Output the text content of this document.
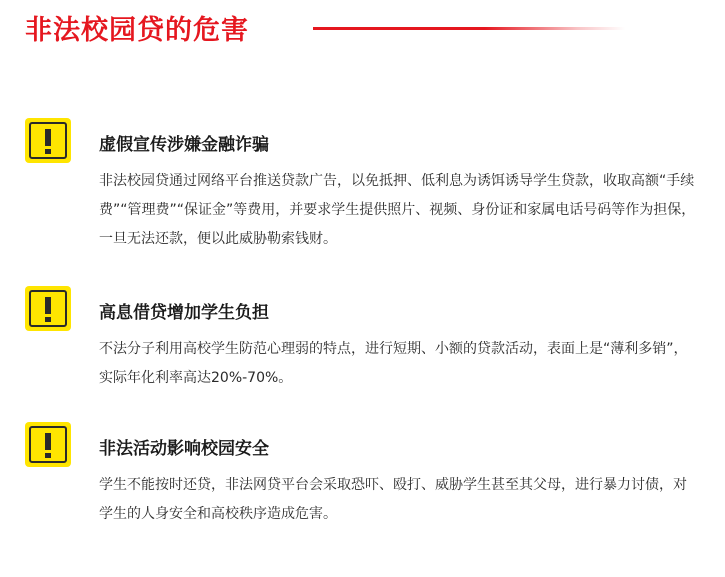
非法校园贷的危害
虚假宣传涉嫌金融诈骗
非法校园贷通过网络平台推送贷款广告，以免抵押、低利息为诱饵诱导学生贷款，收取高额“手续费”“管理费”“保证金”等费用，并要求学生提供照片、视频、身份证和家属电话号码等作为担保，一旦无法还款，便以此威胁勒索钱财。
高息借贷增加学生负担
不法分子利用高校学生防范心理弱的特点，进行短期、小额的贷款活动，表面上是“薄利多销”，实际年化利率高达20%-70%。
非法活动影响校园安全
学生不能按时还贷，非法网贷平台会采取恐吓、殴打、威胁学生甚至其父母，进行暴力讨债，对学生的人身安全和高校秩序造成危害。
